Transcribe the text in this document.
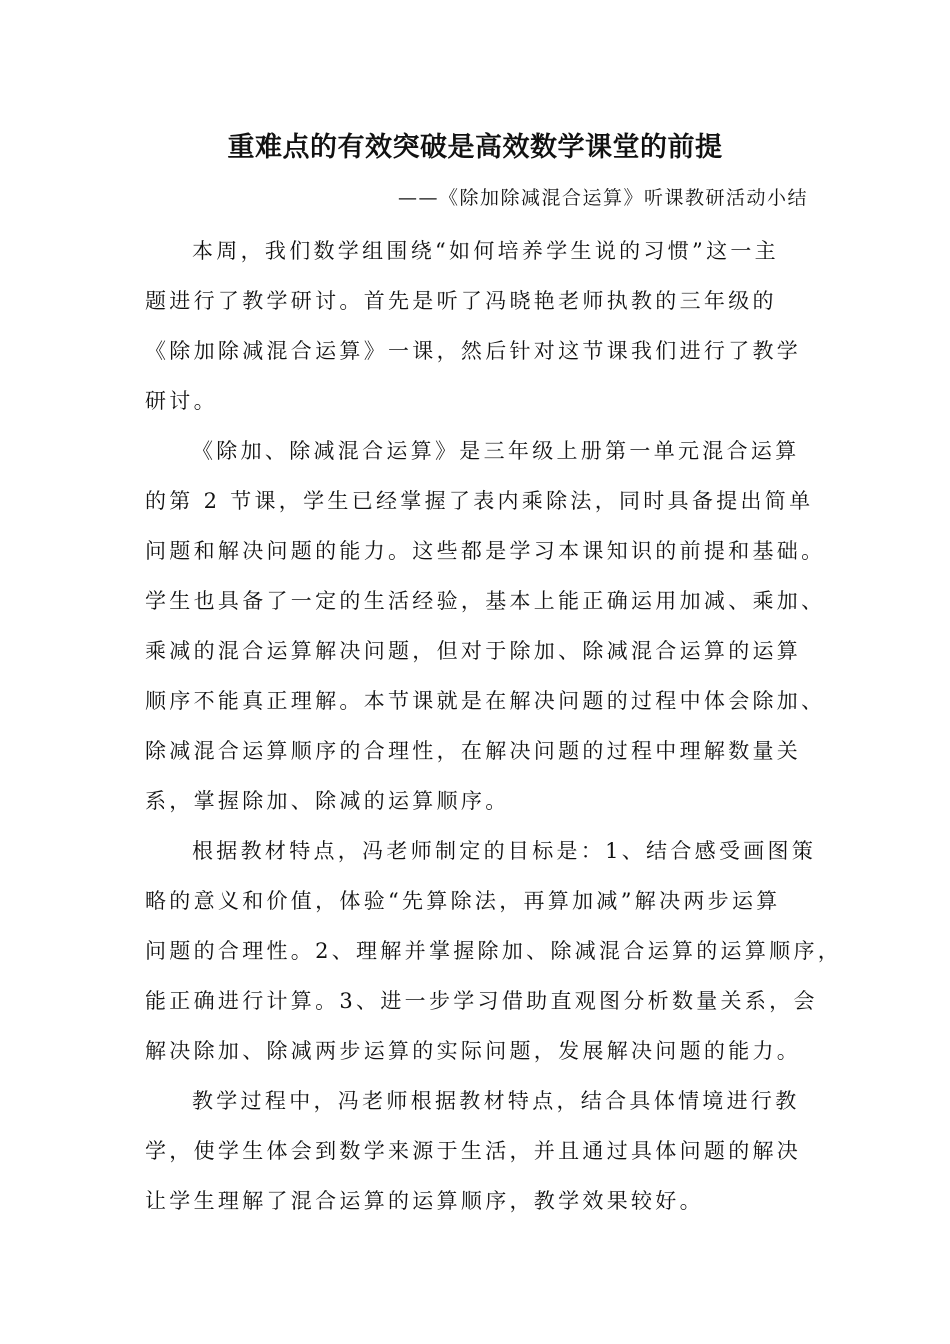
重难点的有效突破是高效数学课堂的前提
——《除加除减混合运算》听课教研活动小结
本周，我们数学组围绕“如何培养学生说的习惯”这一主
题进行了教学研讨。首先是听了冯晓艳老师执教的三年级的
《除加除减混合运算》一课，然后针对这节课我们进行了教学
研讨。
《除加、除减混合运算》是三年级上册第一单元混合运算
的第 2 节课，学生已经掌握了表内乘除法，同时具备提出简单
问题和解决问题的能力。这些都是学习本课知识的前提和基础。
学生也具备了一定的生活经验，基本上能正确运用加减、乘加、
乘减的混合运算解决问题，但对于除加、除减混合运算的运算
顺序不能真正理解。本节课就是在解决问题的过程中体会除加、
除减混合运算顺序的合理性，在解决问题的过程中理解数量关
系，掌握除加、除减的运算顺序。
根据教材特点，冯老师制定的目标是：1、结合感受画图策
略的意义和价值，体验“先算除法，再算加减”解决两步运算
问题的合理性。2、理解并掌握除加、除减混合运算的运算顺序，
能正确进行计算。3、进一步学习借助直观图分析数量关系，会
解决除加、除减两步运算的实际问题，发展解决问题的能力。
教学过程中，冯老师根据教材特点，结合具体情境进行教
学，使学生体会到数学来源于生活，并且通过具体问题的解决
让学生理解了混合运算的运算顺序，教学效果较好。
